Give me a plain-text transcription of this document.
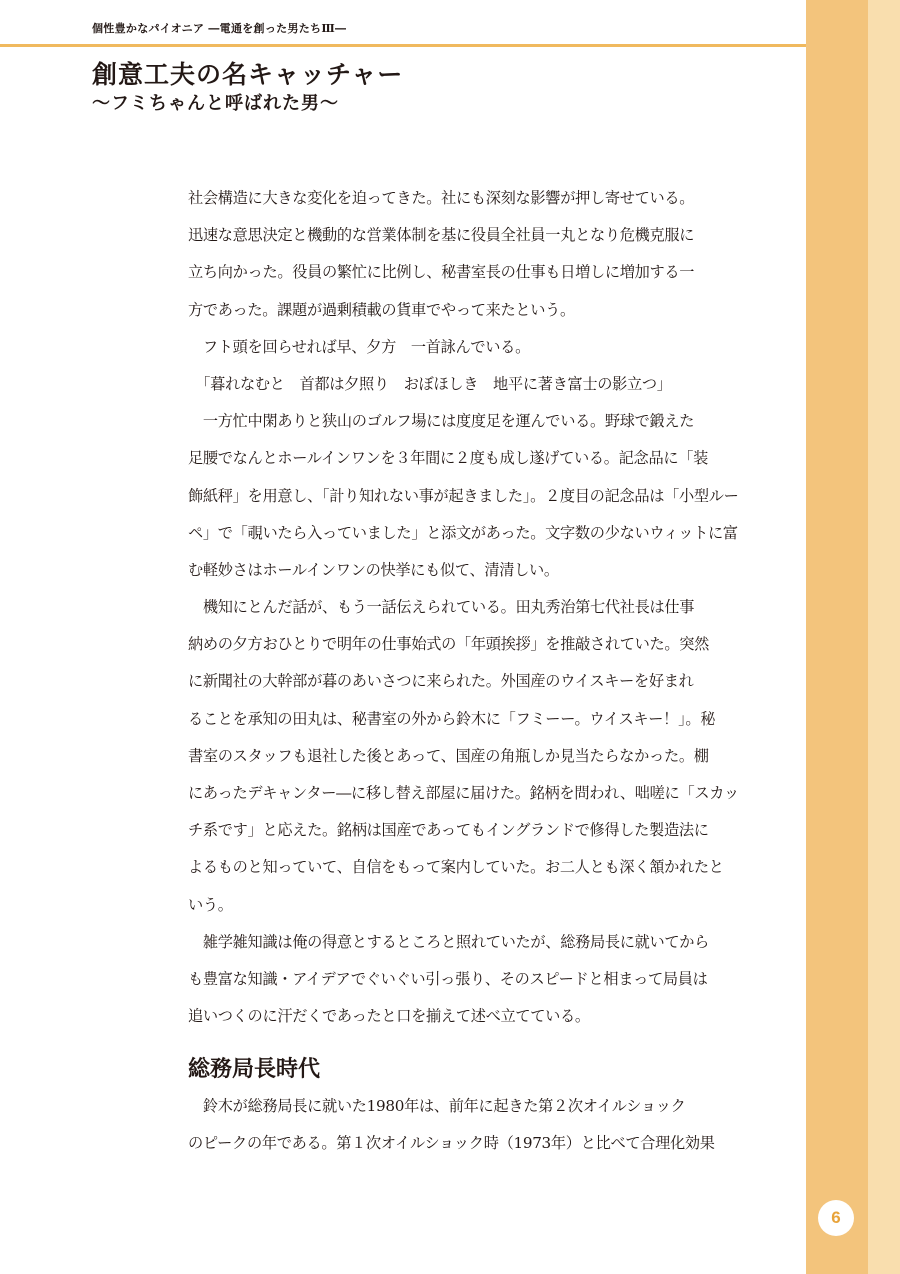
個性豊かなパイオニア ―電通を創った男たちⅢ―
創意工夫の名キャッチャー
〜フミちゃんと呼ばれた男〜
社会構造に大きな変化を迫ってきた。社にも深刻な影響が押し寄せている。
迅速な意思決定と機動的な営業体制を基に役員全社員一丸となり危機克服に
立ち向かった。役員の繁忙に比例し、秘書室長の仕事も日増しに増加する一
方であった。課題が過剰積載の貨車でやって来たという。
　フト頭を回らせれば早、夕方　一首詠んでいる。
　「暮れなむと　首都は夕照り　おぼほしき　地平に著き富士の影立つ」
　一方忙中閑ありと狭山のゴルフ場には度度足を運んでいる。野球で鍛えた
足腰でなんとホールインワンを３年間に２度も成し遂げている。記念品に「装
飾紙秤」を用意し、「計り知れない事が起きました」。２度目の記念品は「小型ルー
ペ」で「覗いたら入っていました」と添文があった。文字数の少ないウィットに富
む軽妙さはホールインワンの快挙にも似て、清清しい。
　機知にとんだ話が、もう一話伝えられている。田丸秀治第七代社長は仕事
納めの夕方おひとりで明年の仕事始式の「年頭挨拶」を推敲されていた。突然
に新聞社の大幹部が暮のあいさつに来られた。外国産のウイスキーを好まれ
ることを承知の田丸は、秘書室の外から鈴木に「フミーー。ウイスキー！」。秘
書室のスタッフも退社した後とあって、国産の角瓶しか見当たらなかった。棚
にあったデキャンター―に移し替え部屋に届けた。銘柄を問われ、咄嗟に「スカッ
チ系です」と応えた。銘柄は国産であってもイングランドで修得した製造法に
よるものと知っていて、自信をもって案内していた。お二人とも深く頷かれたと
いう。
　雑学雑知識は俺の得意とするところと照れていたが、総務局長に就いてから
も豊富な知識・アイデアでぐいぐい引っ張り、そのスピードと相まって局員は
追いつくのに汗だくであったと口を揃えて述べ立てている。
総務局長時代
　鈴木が総務局長に就いた1980年は、前年に起きた第２次オイルショック
のピークの年である。第１次オイルショック時（1973年）と比べて合理化効果
6
